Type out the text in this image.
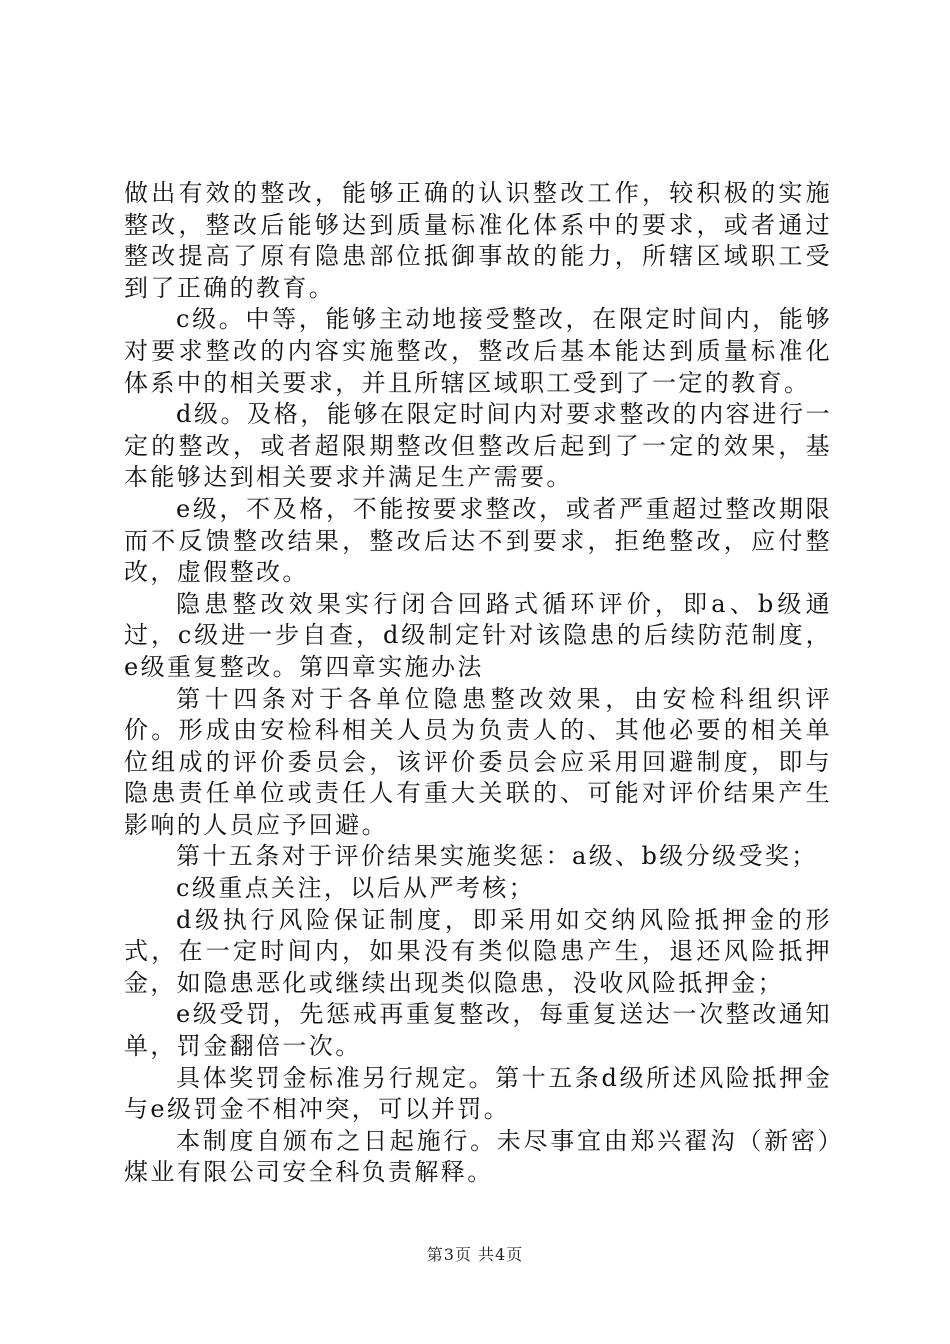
做出有效的整改，能够正确的认识整改工作，较积极的实施整改，整改后能够达到质量标准化体系中的要求，或者通过整改提高了原有隐患部位抵御事故的能力，所辖区域职工受到了正确的教育。

c级。中等，能够主动地接受整改，在限定时间内，能够对要求整改的内容实施整改，整改后基本能达到质量标准化体系中的相关要求，并且所辖区域职工受到了一定的教育。

d级。及格，能够在限定时间内对要求整改的内容进行一定的整改，或者超限期整改但整改后起到了一定的效果，基本能够达到相关要求并满足生产需要。

e级，不及格，不能按要求整改，或者严重超过整改期限而不反馈整改结果，整改后达不到要求，拒绝整改，应付整改，虚假整改。

隐患整改效果实行闭合回路式循环评价，即a、b级通过，c级进一步自查，d级制定针对该隐患的后续防范制度，e级重复整改。第四章实施办法

第十四条对于各单位隐患整改效果，由安检科组织评价。形成由安检科相关人员为负责人的、其他必要的相关单位组成的评价委员会，该评价委员会应采用回避制度，即与隐患责任单位或责任人有重大关联的、可能对评价结果产生影响的人员应予回避。

第十五条对于评价结果实施奖惩：a级、b级分级受奖；

c级重点关注，以后从严考核；

d级执行风险保证制度，即采用如交纳风险抵押金的形式，在一定时间内，如果没有类似隐患产生，退还风险抵押金，如隐患恶化或继续出现类似隐患，没收风险抵押金；

e级受罚，先惩戒再重复整改，每重复送达一次整改通知单，罚金翻倍一次。

具体奖罚金标准另行规定。第十五条d级所述风险抵押金与e级罚金不相冲突，可以并罚。

本制度自颁布之日起施行。未尽事宜由郑兴翟沟（新密）煤业有限公司安全科负责解释。

第3页 共4页
